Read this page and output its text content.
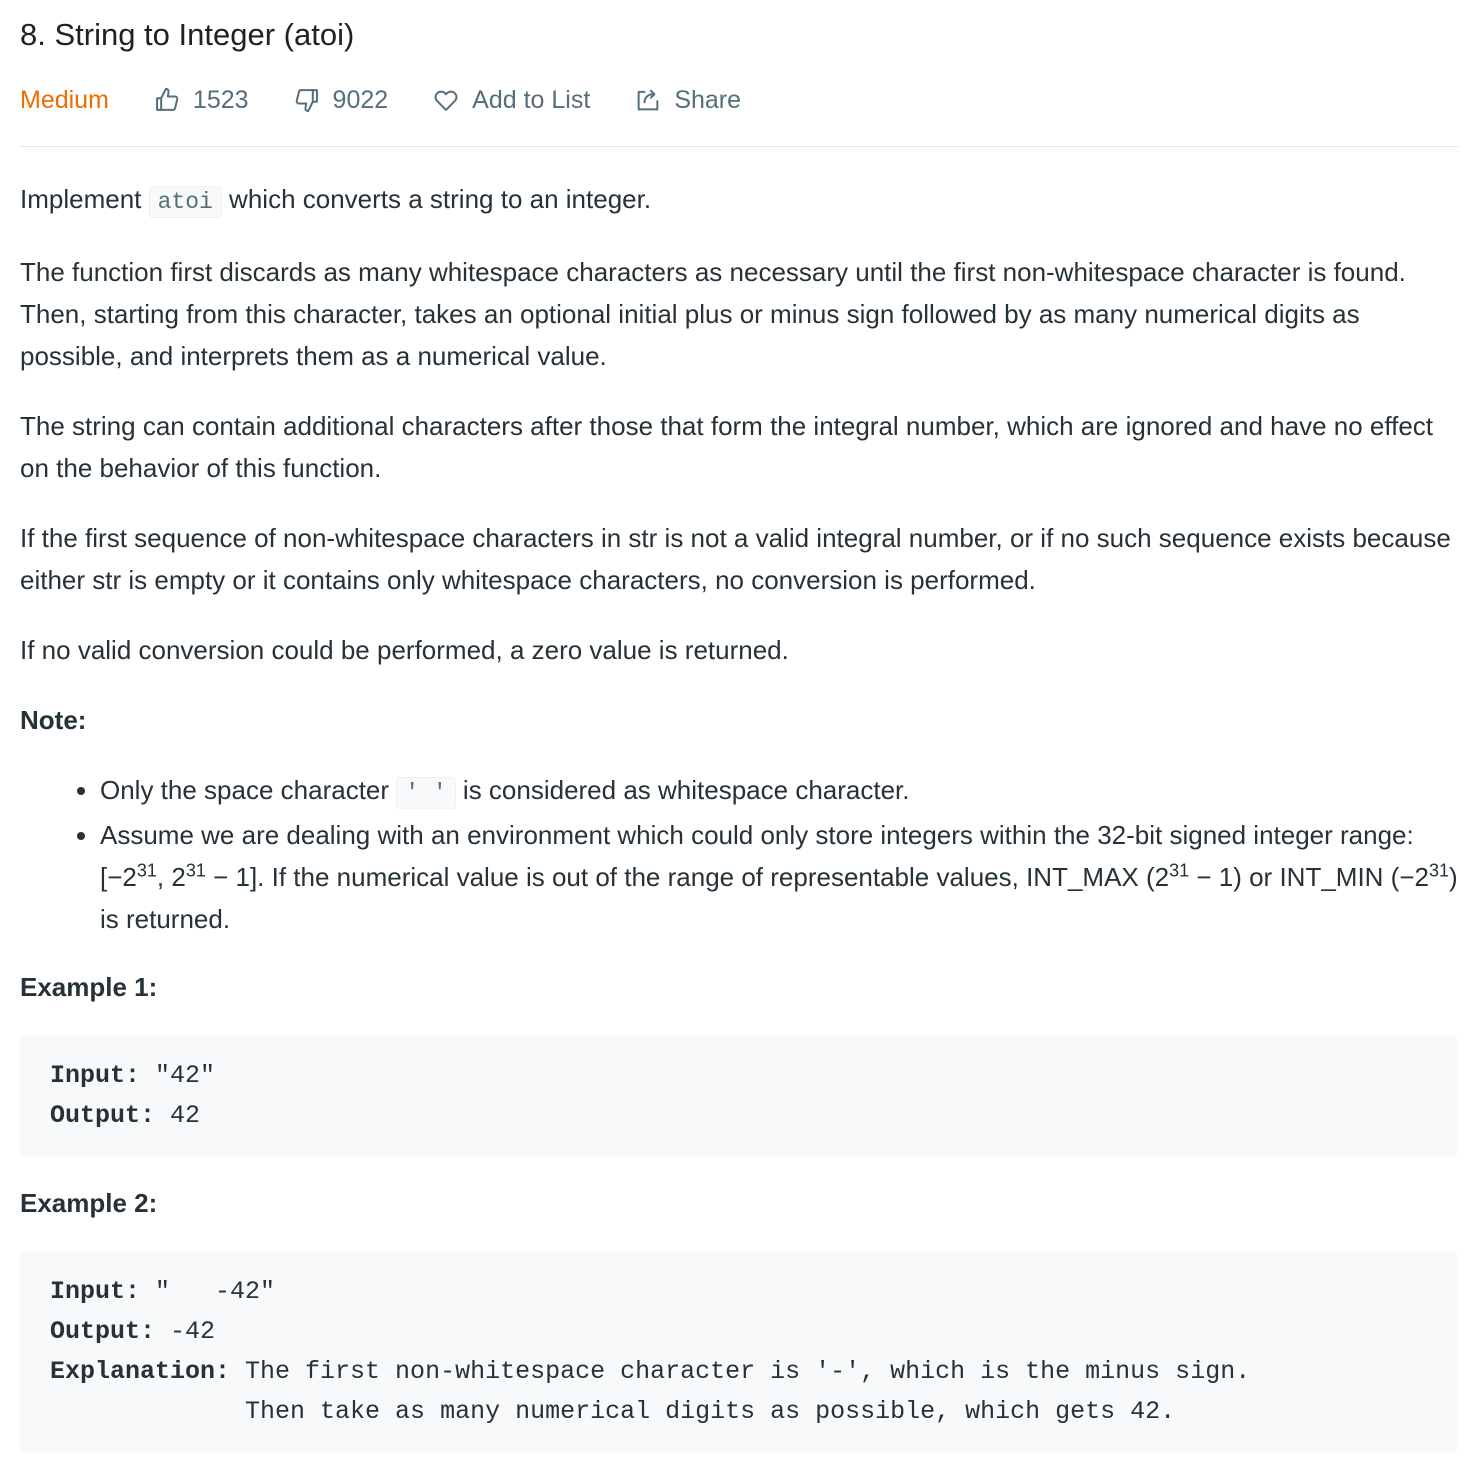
8. String to Integer (atoi)
Medium	1523	9022	Add to List	Share

Implement atoi which converts a string to an integer.

The function first discards as many whitespace characters as necessary until the first non-whitespace character is found. Then, starting from this character, takes an optional initial plus or minus sign followed by as many numerical digits as possible, and interprets them as a numerical value.

The string can contain additional characters after those that form the integral number, which are ignored and have no effect on the behavior of this function.

If the first sequence of non-whitespace characters in str is not a valid integral number, or if no such sequence exists because either str is empty or it contains only whitespace characters, no conversion is performed.

If no valid conversion could be performed, a zero value is returned.

Note:

• Only the space character ' ' is considered as whitespace character.
• Assume we are dealing with an environment which could only store integers within the 32-bit signed integer range: [$-2^{31}$, $2^{31} - 1$]. If the numerical value is out of the range of representable values, INT_MAX $(2^{31} - 1)$ or INT_MIN $(-2^{31})$ is returned.

Example 1:

Input: "42"
Output: 42

Example 2:

Input: "   -42"
Output: -42
Explanation: The first non-whitespace character is '-', which is the minus sign.
Then take as many numerical digits as possible, which gets 42.
